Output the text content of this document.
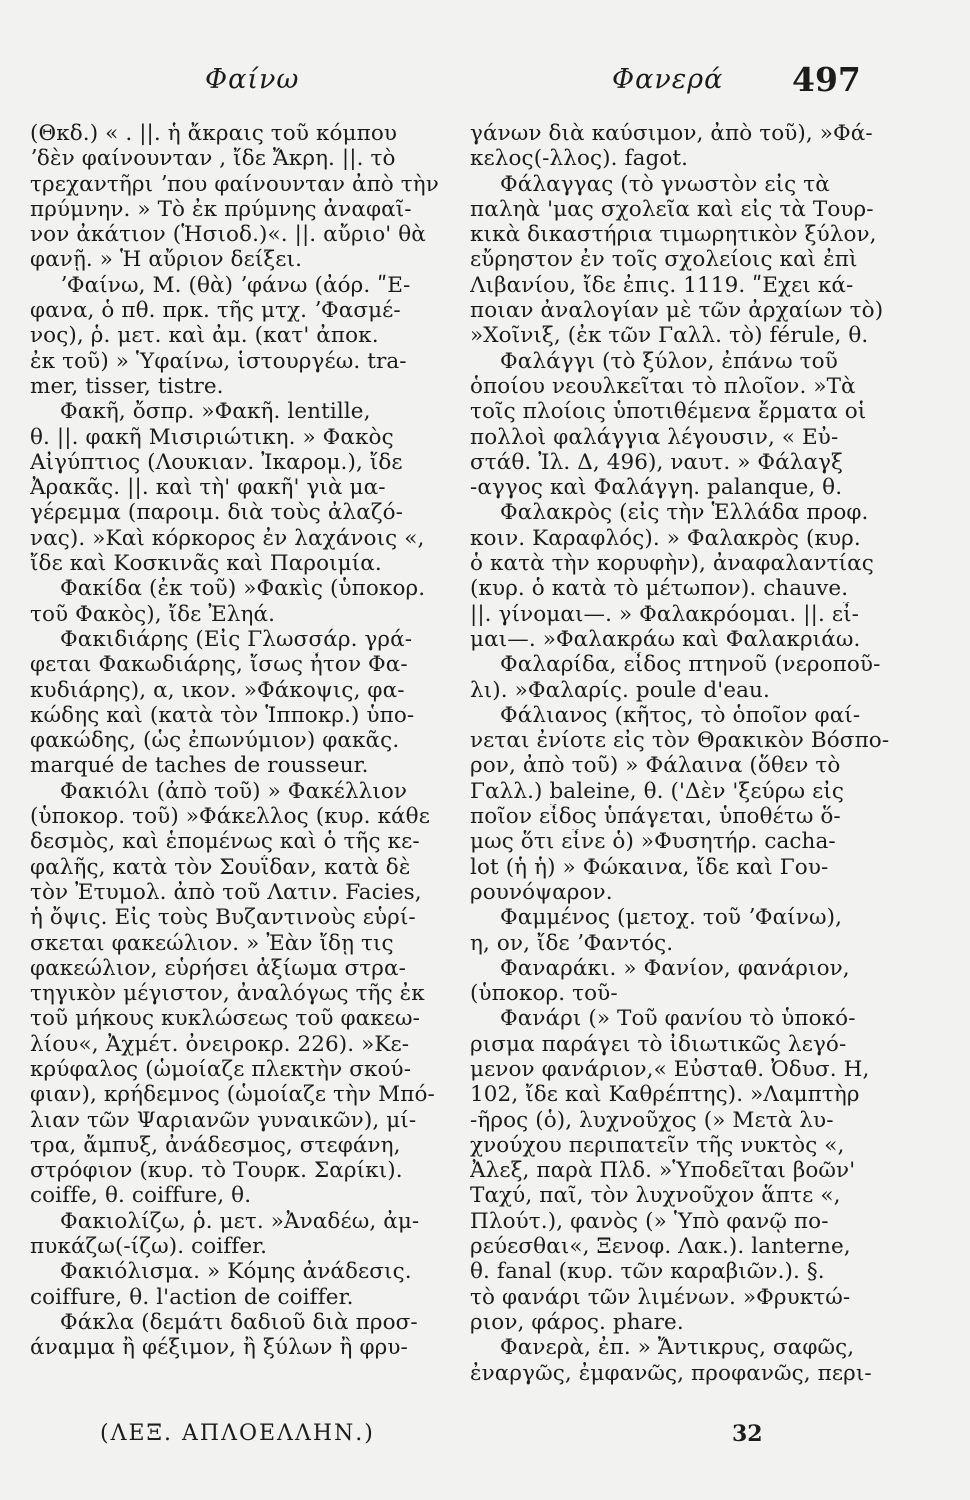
Φαίνω	Φανερά 497
(Θκδ.) « . ||. ἡ ἄκραις τοῦ κόμπου
ʼδὲν φαίνουνταν , ἴδε Ἄκρη. ||. τὸ
τρεχαντῆρι ʼπου φαίνουνταν ἀπὸ τὴν
πρύμνην. » Τὸ ἐκ πρύμνης ἀναφαῖ-
νον ἀκάτιον (Ἡσιοδ.)«. ||. αὔριο' θὰ
φανῇ. » Ἡ αὔριον δείξει.
ʼΦαίνω, Μ. (θὰ) ʼφάνω (ἀόρ. ʺΕ-
φανα, ὁ πθ. πρκ. τῆς μτχ. ʼΦασμέ-
νος), ῥ. μετ. καὶ ἀμ. (κατ' ἀποκ.
ἐκ τοῦ) » Ὑφαίνω, ἱστουργέω. tra-
mer, tisser, tistre.
Φακῆ, ὄσπρ. »Φακῆ. lentille,
θ. ||. φακῆ Μισιριώτικη. » Φακὸς
Αἰγύπτιος (Λουκιαν. Ἰκαρομ.), ἴδε
Ἀρακᾶς. ||. καὶ τὴ' φακῆ' γιὰ μα-
γέρεμμα (παροιμ. διὰ τοὺς ἀλαζό-
νας). »Καὶ κόρκορος ἐν λαχάνοις «,
ἴδε καὶ Κοσκινᾶς καὶ Παροιμία.
Φακίδα (ἐκ τοῦ) »Φακὶς (ὑποκορ.
τοῦ Φακὸς), ἴδε Ἐληά.
Φακιδιάρης (Εἰς Γλωσσάρ. γρά-
φεται Φακωδιάρης, ἴσως ἦτον Φα-
κυδιάρης), α, ικον. »Φάκοψις, φα-
κώδης καὶ (κατὰ τὸν Ἱπποκρ.) ὑπο-
φακώδης, (ὡς ἐπωνύμιον) φακᾶς.
marqué de taches de rousseur.
Φακιόλι (ἀπὸ τοῦ) » Φακέλλιον
(ὑποκορ. τοῦ) »Φάκελλος (κυρ. κάθε
δεσμὸς, καὶ ἑπομένως καὶ ὁ τῆς κε-
φαλῆς, κατὰ τὸν Σουΐδαν, κατὰ δὲ
τὸν Ἐτυμολ. ἀπὸ τοῦ Λατιν. Facies,
ἡ ὄψις. Εἰς τοὺς Βυζαντινοὺς εὑρί-
σκεται φακεώλιον. » Ἐὰν ἴδῃ τις
φακεώλιον, εὑρήσει ἀξίωμα στρα-
τηγικὸν μέγιστον, ἀναλόγως τῆς ἐκ
τοῦ μήκους κυκλώσεως τοῦ φακεω-
λίου«, Ἀχμέτ. ὀνειροκρ. 226). »Κε-
κρύφαλος (ὡμοίαζε πλεκτὴν σκού-
φιαν), κρήδεμνος (ὡμοίαζε τὴν Μπό-
λιαν τῶν Ψαριανῶν γυναικῶν), μί-
τρα, ἄμπυξ, ἀνάδεσμος, στεφάνη,
στρόφιον (κυρ. τὸ Τουρκ. Σαρίκι).
coiffe, θ. coiffure, θ.
Φακιολίζω, ῥ. μετ. »Ἀναδέω, ἀμ-
πυκάζω(-ίζω). coiffer.
Φακιόλισμα. » Κόμης ἀνάδεσις.
coiffure, θ. l'action de coiffer.
Φάκλα (δεμάτι δαδιοῦ διὰ προσ-
άναμμα ἢ φέξιμον, ἢ ξύλων ἢ φρυ-
γάνων διὰ καύσιμον, ἀπὸ τοῦ), »Φά-
κελος(-λλος). fagot.
Φάλαγγας (τὸ γνωστὸν εἰς τὰ
παληὰ 'μας σχολεῖα καὶ εἰς τὰ Τουρ-
κικὰ δικαστήρια τιμωρητικὸν ξύλον,
εὔρηστον ἐν τοῖς σχολείοις καὶ ἐπὶ
Λιβανίου, ἴδε ἐπις. 1119. ʺΕχει κά-
ποιαν ἀναλογίαν μὲ τῶν ἀρχαίων τὸ)
»Χοῖνιξ, (ἐκ τῶν Γαλλ. τὸ) férule, θ.
Φαλάγγι (τὸ ξύλον, ἐπάνω τοῦ
ὁποίου νεουλκεῖται τὸ πλοῖον. »Τὰ
τοῖς πλοίοις ὑποτιθέμενα ἔρματα οἱ
πολλοὶ φαλάγγια λέγουσιν, « Εὐ-
στάθ. Ἰλ. Δ, 496), ναυτ. » Φάλαγξ
-αγγος καὶ Φαλάγγη. palanque, θ.
Φαλακρὸς (εἰς τὴν Ἑλλάδα προφ.
κοιν. Καραφλός). » Φαλακρὸς (κυρ.
ὁ κατὰ τὴν κορυφὴν), ἀναφαλαντίας
(κυρ. ὁ κατὰ τὸ μέτωπον). chauve.
||. γίνομαι—. » Φαλακρόομαι. ||. εἶ-
μαι—. »Φαλακράω καὶ Φαλακριάω.
Φαλαρίδα, εἶδος πτηνοῦ (νεροποῦ-
λι). »Φαλαρίς. poule d'eau.
Φάλιανος (κῆτος, τὸ ὁποῖον φαί-
νεται ἐνίοτε εἰς τὸν Θρακικὸν Βόσπο-
ρον, ἀπὸ τοῦ) » Φάλαινα (ὅθεν τὸ
Γαλλ.) baleine, θ. ('Δὲν 'ξεύρω εἰς
ποῖον εἶδος ὑπάγεται, ὑποθέτω ὅ-
μως ὅτι εἶνε ὁ) »Φυσητήρ. cacha-
lot (ἡ ἡ) » Φώκαινα, ἴδε καὶ Γου-
ρουνόψαρον.
Φαμμένος (μετοχ. τοῦ ʼΦαίνω),
η, ον, ἴδε ʼΦαντός.
Φαναράκι. » Φανίον, φανάριον,
(ὑποκορ. τοῦ-
Φανάρι (» Τοῦ φανίου τὸ ὑποκό-
ρισμα παράγει τὸ ἰδιωτικῶς λεγό-
μενον φανάριον,« Εὐσταθ. Ὀδυσ. Η,
102, ἴδε καὶ Καθρέπτης). »Λαμπτὴρ
-ῆρος (ὁ), λυχνοῦχος (» Μετὰ λυ-
χνούχου περιπατεῖν τῆς νυκτὸς «,
Ἀλεξ, παρὰ Πλδ. »Ὑποδεῖται βοῶν'
Ταχύ, παῖ, τὸν λυχνοῦχον ἅπτε «,
Πλούτ.), φανὸς (» Ὑπὸ φανῷ πο-
ρεύεσθαι«, Ξενοφ. Λακ.). lanterne,
θ. fanal (κυρ. τῶν καραβιῶν.). §.
τὸ φανάρι τῶν λιμένων. »Φρυκτώ-
ριον, φάρος. phare.
Φανερὰ, ἐπ. » Ἄντικρυς, σαφῶς,
ἐναργῶς, ἐμφανῶς, προφανῶς, περι-
(ΛΕΞ. ΑΠΛΟΕΛΛΗΝ.)	32
